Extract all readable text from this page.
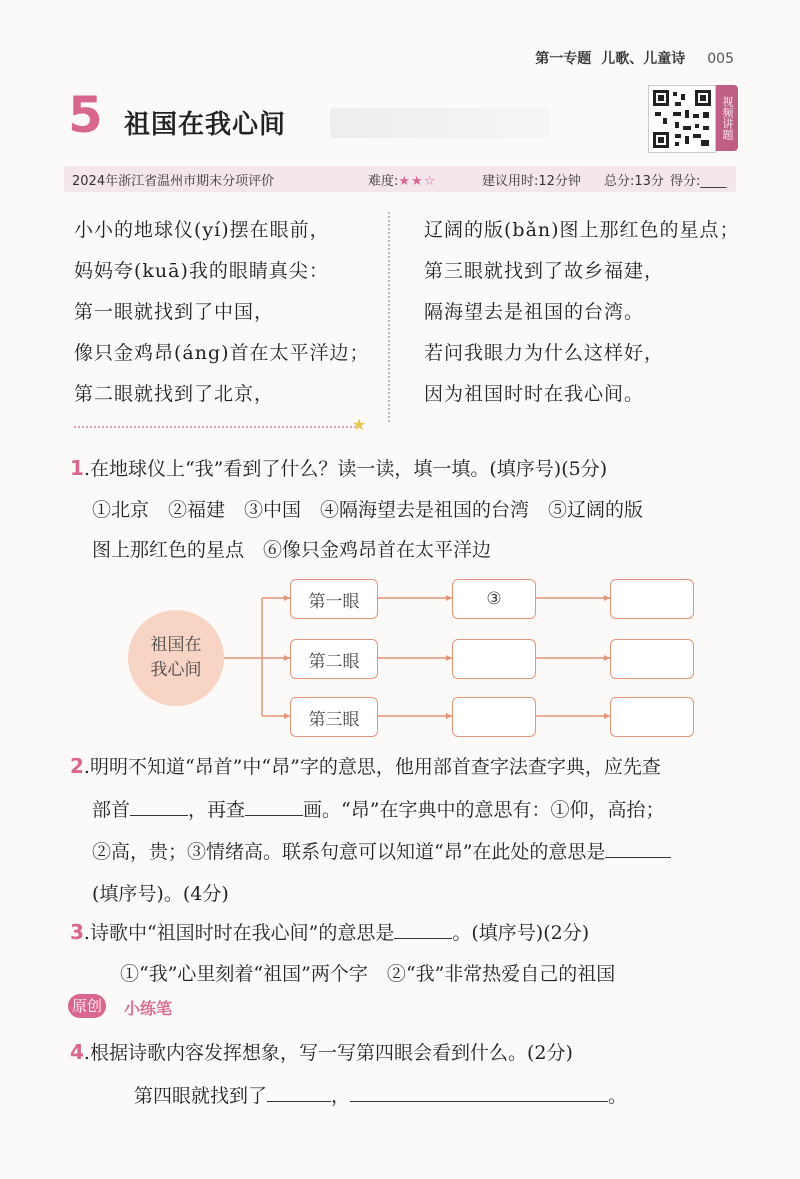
第一专题 儿歌、儿童诗 005
5 祖国在我心间	视频讲题
2024年浙江省温州市期末分项评价	难度:★★☆	建议用时:12分钟 总分:13分 得分:____
小小的地球仪(yí)摆在眼前，
妈妈夸(kuā)我的眼睛真尖：
第一眼就找到了中国，
像只金鸡昂(áng)首在太平洋边；
第二眼就找到了北京，
辽阔的版(bǎn)图上那红色的星点；
第三眼就找到了故乡福建，
隔海望去是祖国的台湾。
若问我眼力为什么这样好，
因为祖国时时在我心间。
★
1.在地球仪上“我”看到了什么？读一读，填一填。(填序号)(5分)
①北京　②福建　③中国　④隔海望去是祖国的台湾　⑤辽阔的版
图上那红色的星点　⑥像只金鸡昂首在太平洋边
祖国在
我心间
第一眼	③
第二眼
第三眼
2.明明不知道“昂首”中“昂”字的意思，他用部首查字法查字典，应先查
部首	，再查	画。“昂”在字典中的意思有：①仰，高抬；
②高，贵；③情绪高。联系句意可以知道“昂”在此处的意思是
(填序号)。(4分)
3.诗歌中“祖国时时在我心间”的意思是	。(填序号)(2分)
①“我”心里刻着“祖国”两个字　②“我”非常热爱自己的祖国
原创 小练笔
4.根据诗歌内容发挥想象，写一写第四眼会看到什么。(2分)
第四眼就找到了	，	。
